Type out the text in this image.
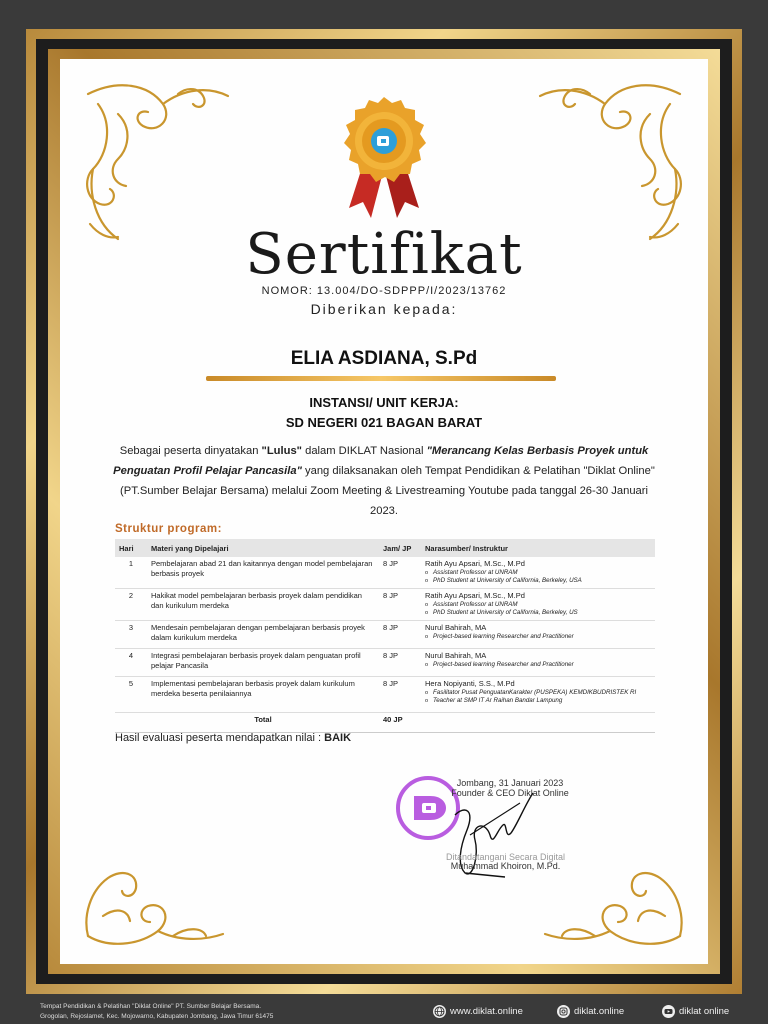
Sertifikat
NOMOR: 13.004/DO-SDPPP/I/2023/13762
Diberikan kepada:
ELIA ASDIANA, S.Pd
INSTANSI/ UNIT KERJA:
SD NEGERI 021 BAGAN BARAT
Sebagai peserta dinyatakan "Lulus" dalam DIKLAT Nasional "Merancang Kelas Berbasis Proyek untuk Penguatan Profil Pelajar Pancasila" yang dilaksanakan oleh Tempat Pendidikan & Pelatihan "Diklat Online" (PT.Sumber Belajar Bersama) melalui Zoom Meeting & Livestreaming Youtube pada tanggal 26-30 Januari 2023.
Struktur program:
Hari	Materi yang Dipelajari	Jam/ JP	Narasumber/ Instruktur
1	Pembelajaran abad 21 dan kaitannya dengan model pembelajaran berbasis proyek	8 JP	Ratih Ayu Apsari, M.Sc., M.Pd
o Assistant Professor at UNRAM
o PhD Student at University of California, Berkeley, USA

2	Hakikat model pembelajaran berbasis proyek dalam pendidikan dan kurikulum merdeka	8 JP	Ratih Ayu Apsari, M.Sc., M.Pd
o Assistant Professor at UNRAM
o PhD Student at University of California, Berkeley, US

3	Mendesain pembelajaran dengan pembelajaran berbasis proyek dalam kurikulum merdeka	8 JP	Nurul Bahirah, MA
o Project-based learning Researcher and Practitioner

4	Integrasi pembelajaran berbasis proyek dalam penguatan profil pelajar Pancasila	8 JP	Nurul Bahirah, MA
o Project-based learning Researcher and Practitioner

5	Implementasi pembelajaran berbasis proyek dalam kurikulum merdeka beserta penilaiannya	8 JP	Hera Nopiyanti, S.S., M.Pd
o Fasilitator Pusat PenguatanKarakter (PUSPEKA) KEMDIKBUDRISTEK RI
o Teacher at SMP IT Ar Raihan Bandar Lampung

	Total	40 JP	
Hasil evaluasi peserta mendapatkan nilai : BAIK
Jombang, 31 Januari 2023
Founder & CEO Diklat Online
Ditandatangani Secara Digital
Muhammad Khoiron, M.Pd.
Tempat Pendidikan & Pelatihan "Diklat Online" PT. Sumber Belajar Bersama.
Grogolan, Rejoslamet, Kec. Mojowarno, Kabupaten Jombang, Jawa Timur 61475	www.diklat.online	diklat.online	diklat online
